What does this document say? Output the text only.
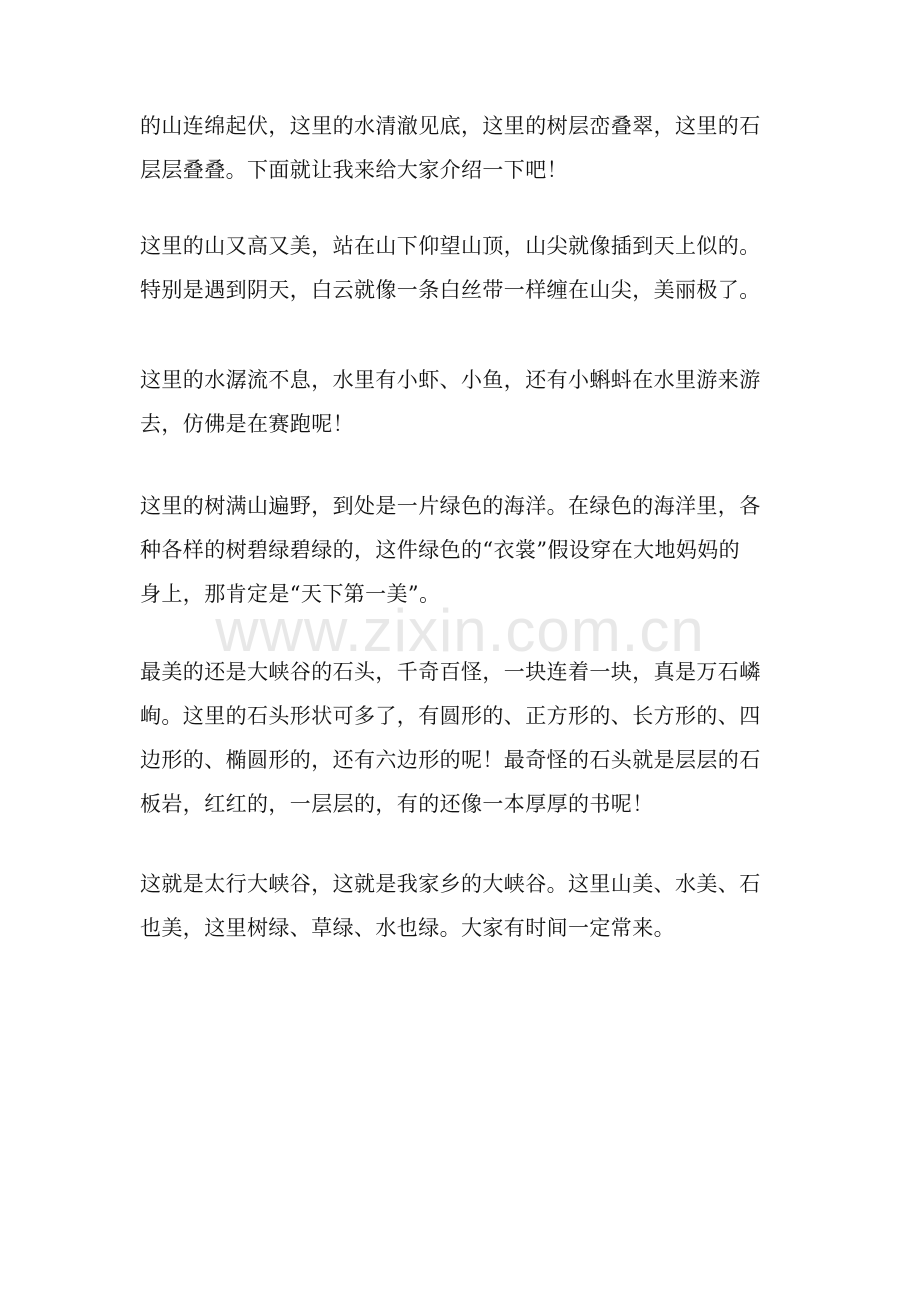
的山连绵起伏，这里的水清澈见底，这里的树层峦叠翠，这里的石
层层叠叠。下面就让我来给大家介绍一下吧！

这里的山又高又美，站在山下仰望山顶，山尖就像插到天上似的。
特别是遇到阴天，白云就像一条白丝带一样缠在山尖，美丽极了。

这里的水潺流不息，水里有小虾、小鱼，还有小蝌蚪在水里游来游
去，仿佛是在赛跑呢！

这里的树满山遍野，到处是一片绿色的海洋。在绿色的海洋里，各
种各样的树碧绿碧绿的，这件绿色的“衣裳”假设穿在大地妈妈的
身上，那肯定是“天下第一美”。

最美的还是大峡谷的石头，千奇百怪，一块连着一块，真是万石嶙
峋。这里的石头形状可多了，有圆形的、正方形的、长方形的、四
边形的、椭圆形的，还有六边形的呢！最奇怪的石头就是层层的石
板岩，红红的，一层层的，有的还像一本厚厚的书呢！

这就是太行大峡谷，这就是我家乡的大峡谷。这里山美、水美、石
也美，这里树绿、草绿、水也绿。大家有时间一定常来。

www.zixin.com.cn
